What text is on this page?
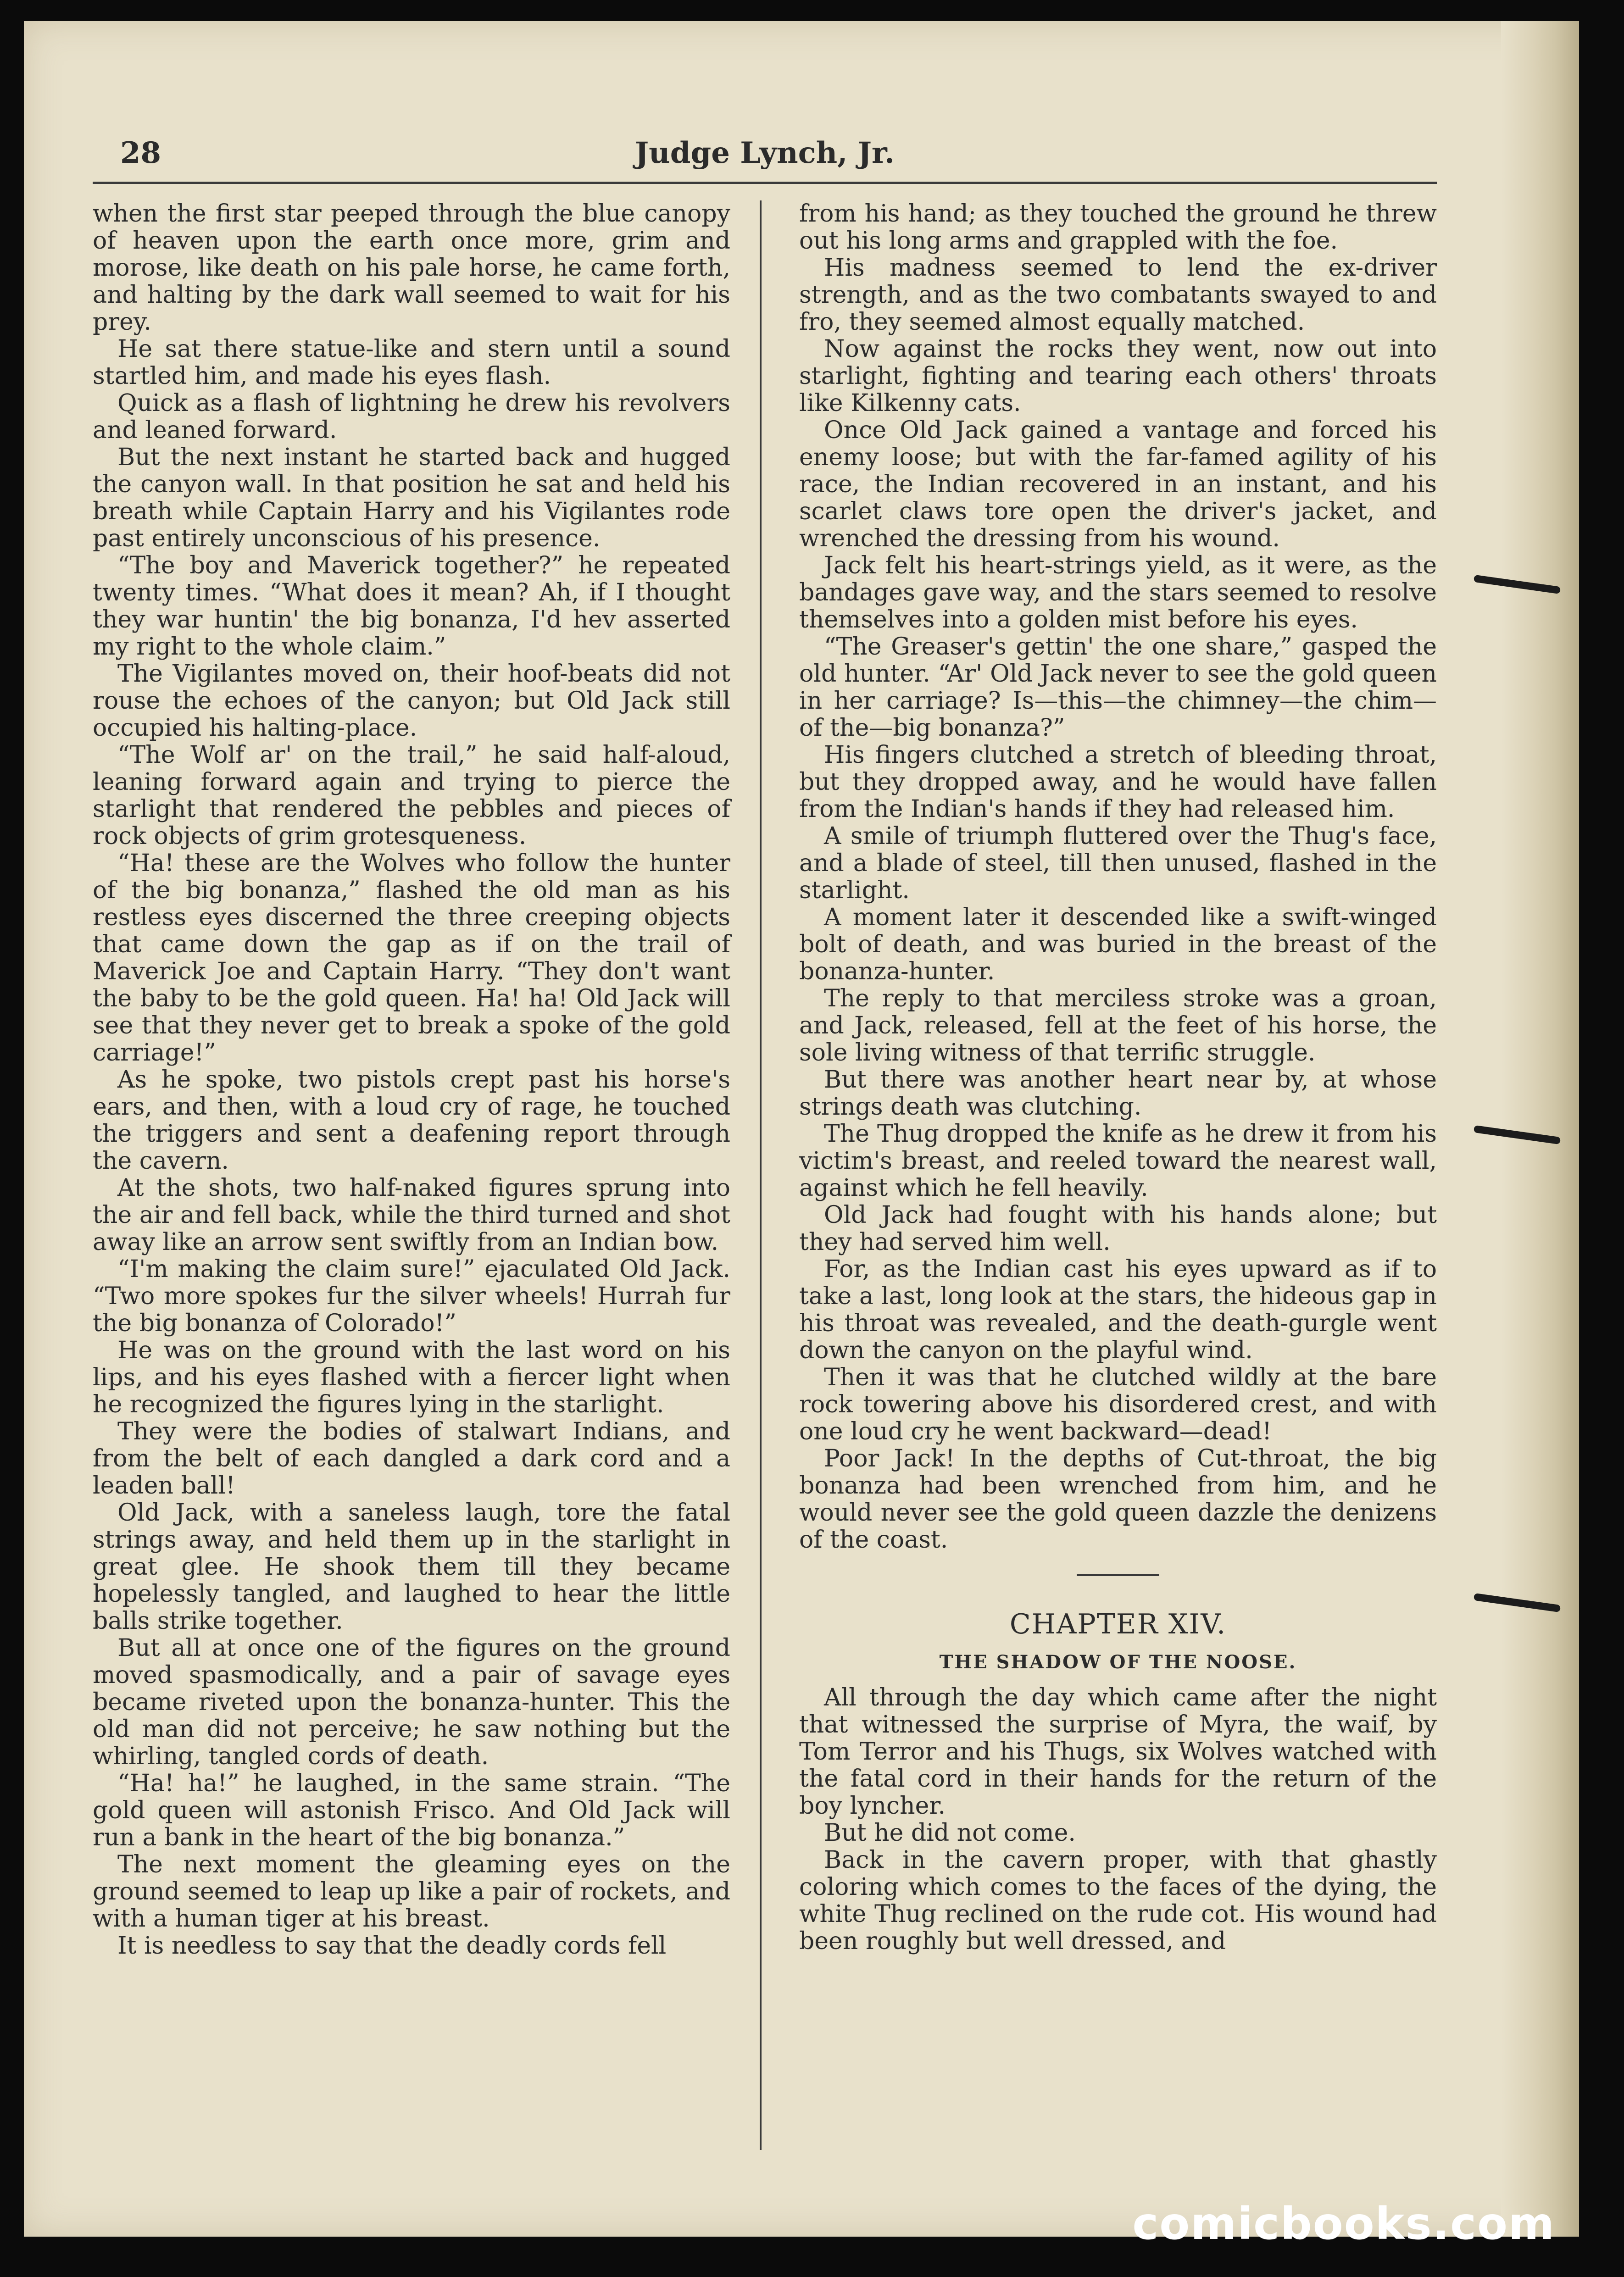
28	Judge Lynch, Jr.

when the first star peeped through the blue canopy of heaven upon the earth once more, grim and morose, like death on his pale horse, he came forth, and halting by the dark wall seemed to wait for his prey.

He sat there statue-like and stern until a sound startled him, and made his eyes flash.

Quick as a flash of lightning he drew his revolvers and leaned forward.

But the next instant he started back and hugged the canyon wall. In that position he sat and held his breath while Captain Harry and his Vigilantes rode past entirely unconscious of his presence.

“The boy and Maverick together?” he repeated twenty times. “What does it mean? Ah, if I thought they war huntin' the big bonanza, I'd hev asserted my right to the whole claim.”

The Vigilantes moved on, their hoof-beats did not rouse the echoes of the canyon; but Old Jack still occupied his halting-place.

“The Wolf ar' on the trail,” he said half-aloud, leaning forward again and trying to pierce the starlight that rendered the pebbles and pieces of rock objects of grim grotesqueness.

“Ha! these are the Wolves who follow the hunter of the big bonanza,” flashed the old man as his restless eyes discerned the three creeping objects that came down the gap as if on the trail of Maverick Joe and Captain Harry. “They don't want the baby to be the gold queen. Ha! ha! Old Jack will see that they never get to break a spoke of the gold carriage!”

As he spoke, two pistols crept past his horse's ears, and then, with a loud cry of rage, he touched the triggers and sent a deafening report through the cavern.

At the shots, two half-naked figures sprung into the air and fell back, while the third turned and shot away like an arrow sent swiftly from an Indian bow.

“I'm making the claim sure!” ejaculated Old Jack. “Two more spokes fur the silver wheels! Hurrah fur the big bonanza of Colorado!”

He was on the ground with the last word on his lips, and his eyes flashed with a fiercer light when he recognized the figures lying in the starlight.

They were the bodies of stalwart Indians, and from the belt of each dangled a dark cord and a leaden ball!

Old Jack, with a saneless laugh, tore the fatal strings away, and held them up in the starlight in great glee. He shook them till they became hopelessly tangled, and laughed to hear the little balls strike together.

But all at once one of the figures on the ground moved spasmodically, and a pair of savage eyes became riveted upon the bonanza-hunter. This the old man did not perceive; he saw nothing but the whirling, tangled cords of death.

“Ha! ha!” he laughed, in the same strain. “The gold queen will astonish Frisco. And Old Jack will run a bank in the heart of the big bonanza.”

The next moment the gleaming eyes on the ground seemed to leap up like a pair of rockets, and with a human tiger at his breast.

It is needless to say that the deadly cords fell

from his hand; as they touched the ground he threw out his long arms and grappled with the foe.

His madness seemed to lend the ex-driver strength, and as the two combatants swayed to and fro, they seemed almost equally matched.

Now against the rocks they went, now out into starlight, fighting and tearing each others' throats like Kilkenny cats.

Once Old Jack gained a vantage and forced his enemy loose; but with the far-famed agility of his race, the Indian recovered in an instant, and his scarlet claws tore open the driver's jacket, and wrenched the dressing from his wound.

Jack felt his heart-strings yield, as it were, as the bandages gave way, and the stars seemed to resolve themselves into a golden mist before his eyes.

“The Greaser's gettin' the one share,” gasped the old hunter. “Ar' Old Jack never to see the gold queen in her carriage? Is—this—the chimney—the chim—of the—big bonanza?”

His fingers clutched a stretch of bleeding throat, but they dropped away, and he would have fallen from the Indian's hands if they had released him.

A smile of triumph fluttered over the Thug's face, and a blade of steel, till then unused, flashed in the starlight.

A moment later it descended like a swift-winged bolt of death, and was buried in the breast of the bonanza-hunter.

The reply to that merciless stroke was a groan, and Jack, released, fell at the feet of his horse, the sole living witness of that terrific struggle.

But there was another heart near by, at whose strings death was clutching.

The Thug dropped the knife as he drew it from his victim's breast, and reeled toward the nearest wall, against which he fell heavily.

Old Jack had fought with his hands alone; but they had served him well.

For, as the Indian cast his eyes upward as if to take a last, long look at the stars, the hideous gap in his throat was revealed, and the death-gurgle went down the canyon on the playful wind.

Then it was that he clutched wildly at the bare rock towering above his disordered crest, and with one loud cry he went backward—dead!

Poor Jack! In the depths of Cut-throat, the big bonanza had been wrenched from him, and he would never see the gold queen dazzle the denizens of the coast.

CHAPTER XIV.
THE SHADOW OF THE NOOSE.

All through the day which came after the night that witnessed the surprise of Myra, the waif, by Tom Terror and his Thugs, six Wolves watched with the fatal cord in their hands for the return of the boy lyncher.

But he did not come.

Back in the cavern proper, with that ghastly coloring which comes to the faces of the dying, the white Thug reclined on the rude cot. His wound had been roughly but well dressed, and

comicbooks.com
